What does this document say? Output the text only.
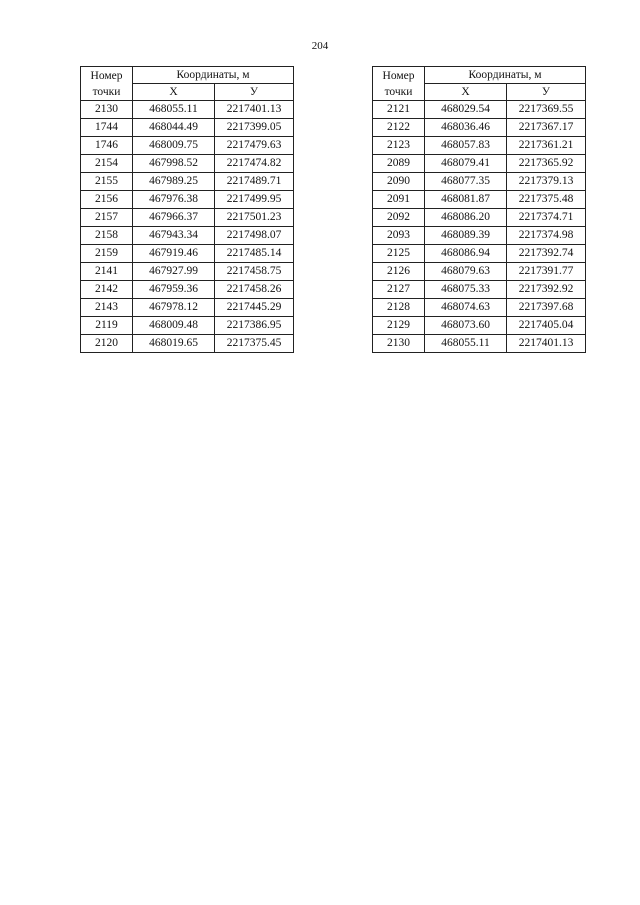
204
Номер
точки	Координаты, м	
	X	У
2130	468055.11	2217401.13
1744	468044.49	2217399.05
1746	468009.75	2217479.63
2154	467998.52	2217474.82
2155	467989.25	2217489.71
2156	467976.38	2217499.95
2157	467966.37	2217501.23
2158	467943.34	2217498.07
2159	467919.46	2217485.14
2141	467927.99	2217458.75
2142	467959.36	2217458.26
2143	467978.12	2217445.29
2119	468009.48	2217386.95
2120	468019.65	2217375.45
Номер
точки	Координаты, м	
	X	У
2121	468029.54	2217369.55
2122	468036.46	2217367.17
2123	468057.83	2217361.21
2089	468079.41	2217365.92
2090	468077.35	2217379.13
2091	468081.87	2217375.48
2092	468086.20	2217374.71
2093	468089.39	2217374.98
2125	468086.94	2217392.74
2126	468079.63	2217391.77
2127	468075.33	2217392.92
2128	468074.63	2217397.68
2129	468073.60	2217405.04
2130	468055.11	2217401.13
